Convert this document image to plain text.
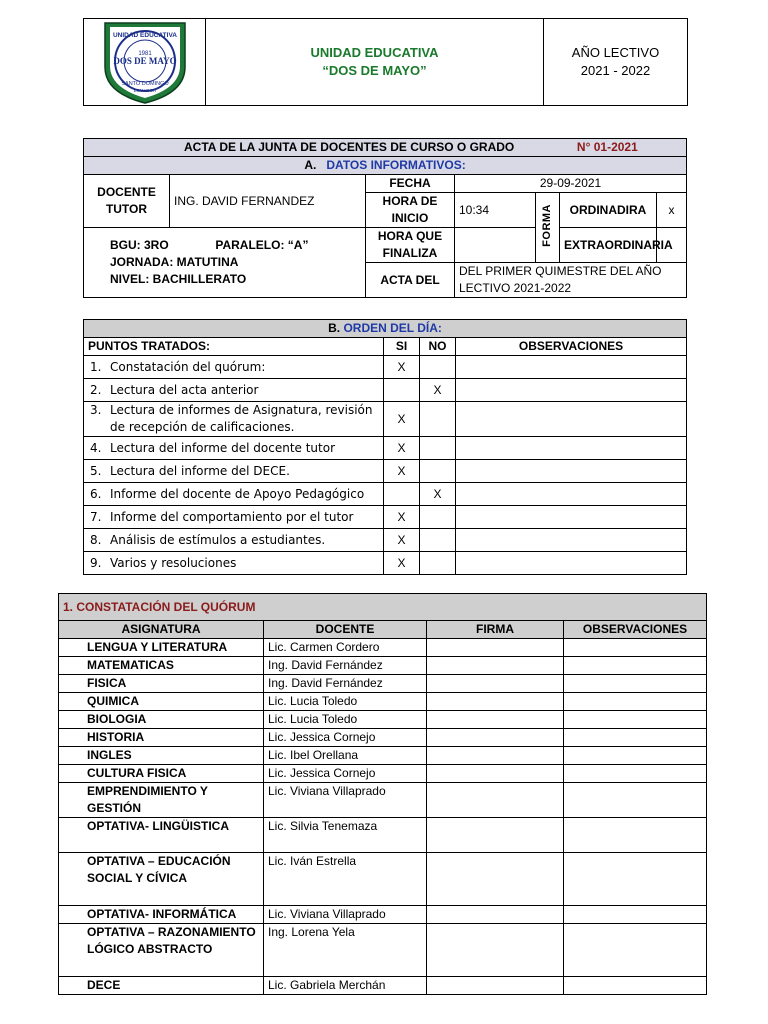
UNIDAD EDUCATIVA
DOS DE MAYO
1981
SANTO DOMINGO
ECUADOR

UNIDAD EDUCATIVA
“DOS DE MAYO”

AÑO LECTIVO
2021 - 2022
ACTA DE LA JUNTA DE DOCENTES DE CURSO O GRADO N° 01-2021						
A. DATOS INFORMATIVOS:						
DOCENTE TUTOR	ING. DAVID FERNANDEZ	FECHA	29-09-2021			
		HORA DE INICIO	10:34	FORMA	ORDINADIRA	x

BGU: 3RO PARALELO: “A”
JORNADA: MATUTINA
NIVEL: BACHILLERATO		HORA QUE FINALIZA			EXTRAORDINARIA	
		ACTA DEL	DEL PRIMER QUIMESTRE DEL AÑO LECTIVO 2021-2022			
B. ORDEN DEL DÍA:			
PUNTOS TRATADOS:	SI	NO	OBSERVACIONES

1. Constatación del quórum:	X		

2. Lectura del acta anterior		X	

3. Lectura de informes de Asignatura, revisión de recepción de calificaciones.	X		

4. Lectura del informe del docente tutor	X		

5. Lectura del informe del DECE.	X		

6. Informe del docente de Apoyo Pedagógico		X	

7. Informe del comportamiento por el tutor	X		

8. Análisis de estímulos a estudiantes.	X		

9. Varios y resoluciones	X		
1. CONSTATACIÓN DEL QUÓRUM			
ASIGNATURA	DOCENTE	FIRMA	OBSERVACIONES
LENGUA Y LITERATURA	Lic. Carmen Cordero		
MATEMATICAS	Ing. David Fernández		
FISICA	Ing. David Fernández		
QUIMICA	Lic. Lucia Toledo		
BIOLOGIA	Lic. Lucia Toledo		
HISTORIA	Lic. Jessica Cornejo		
INGLES	Lic. Ibel Orellana		
CULTURA FISICA	Lic. Jessica Cornejo		
EMPRENDIMIENTO Y GESTIÓN	Lic. Viviana Villaprado		
OPTATIVA- LINGÜISTICA	Lic. Silvia Tenemaza		
OPTATIVA – EDUCACIÓN SOCIAL Y CÍVICA	Lic. Iván Estrella		
OPTATIVA- INFORMÁTICA	Lic. Viviana Villaprado		
OPTATIVA – RAZONAMIENTO LÓGICO ABSTRACTO	Ing. Lorena Yela		
DECE	Lic. Gabriela Merchán		
